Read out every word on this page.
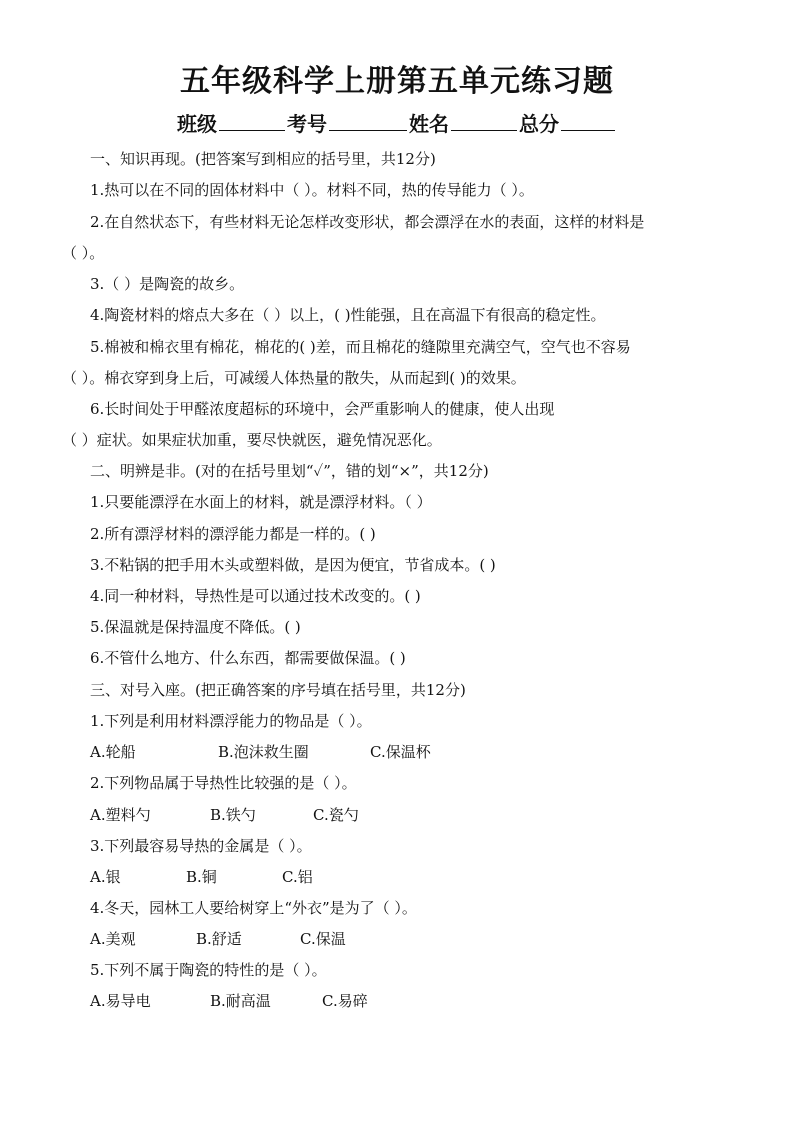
五年级科学上册第五单元练习题
班级	考号	姓名	总分
一、知识再现。(把答案写到相应的括号里，共12分)
1.热可以在不同的固体材料中（ ）。材料不同，热的传导能力（ ）。
2.在自然状态下，有些材料无论怎样改变形状，都会漂浮在水的表面，这样的材料是
（ ）。
3.（ ）是陶瓷的故乡。
4.陶瓷材料的熔点大多在（ ）以上，( )性能强，且在高温下有很高的稳定性。
5.棉被和棉衣里有棉花，棉花的( )差，而且棉花的缝隙里充满空气，空气也不容易
（ ）。棉衣穿到身上后，可减缓人体热量的散失，从而起到( )的效果。
6.长时间处于甲醛浓度超标的环境中，会严重影响人的健康，使人出现
（ ）症状。如果症状加重，要尽快就医，避免情况恶化。
二、明辨是非。(对的在括号里划“✓”，错的划“×”，共12分)
1.只要能漂浮在水面上的材料，就是漂浮材料。（ ）
2.所有漂浮材料的漂浮能力都是一样的。( )
3.不粘锅的把手用木头或塑料做，是因为便宜，节省成本。( )
4.同一种材料，导热性是可以通过技术改变的。( )
5.保温就是保持温度不降低。( )
6.不管什么地方、什么东西，都需要做保温。( )
三、对号入座。(把正确答案的序号填在括号里，共12分)
1.下列是利用材料漂浮能力的物品是（ ）。
A.轮船	B.泡沫救生圈	C.保温杯
2.下列物品属于导热性比较强的是（ ）。
A.塑料勺	B.铁勺	C.瓷勺
3.下列最容易导热的金属是（ ）。
A.银	B.铜	C.铝
4.冬天，园林工人要给树穿上“外衣”是为了（ ）。
A.美观	B.舒适	C.保温
5.下列不属于陶瓷的特性的是（ ）。
A.易导电	B.耐高温	C.易碎
